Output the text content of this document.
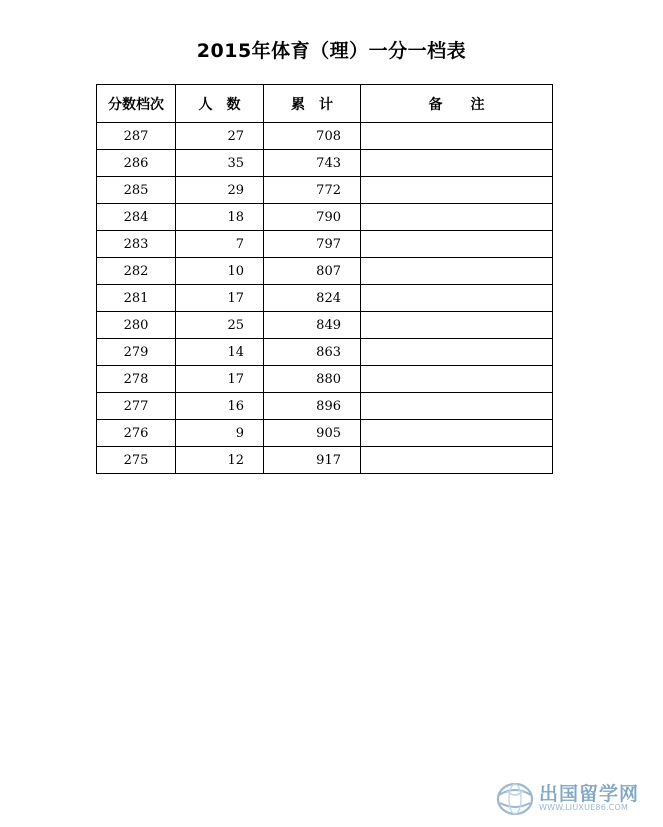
2015年体育（理）一分一档表
分数档次	人　数	累　计	备　　注
287	27	708	
286	35	743	
285	29	772	
284	18	790	
283	7	797	
282	10	807	
281	17	824	
280	25	849	
279	14	863	
278	17	880	
277	16	896	
276	9	905	
275	12	917	
出国留学网
WWW.LIUXUE86.COM
